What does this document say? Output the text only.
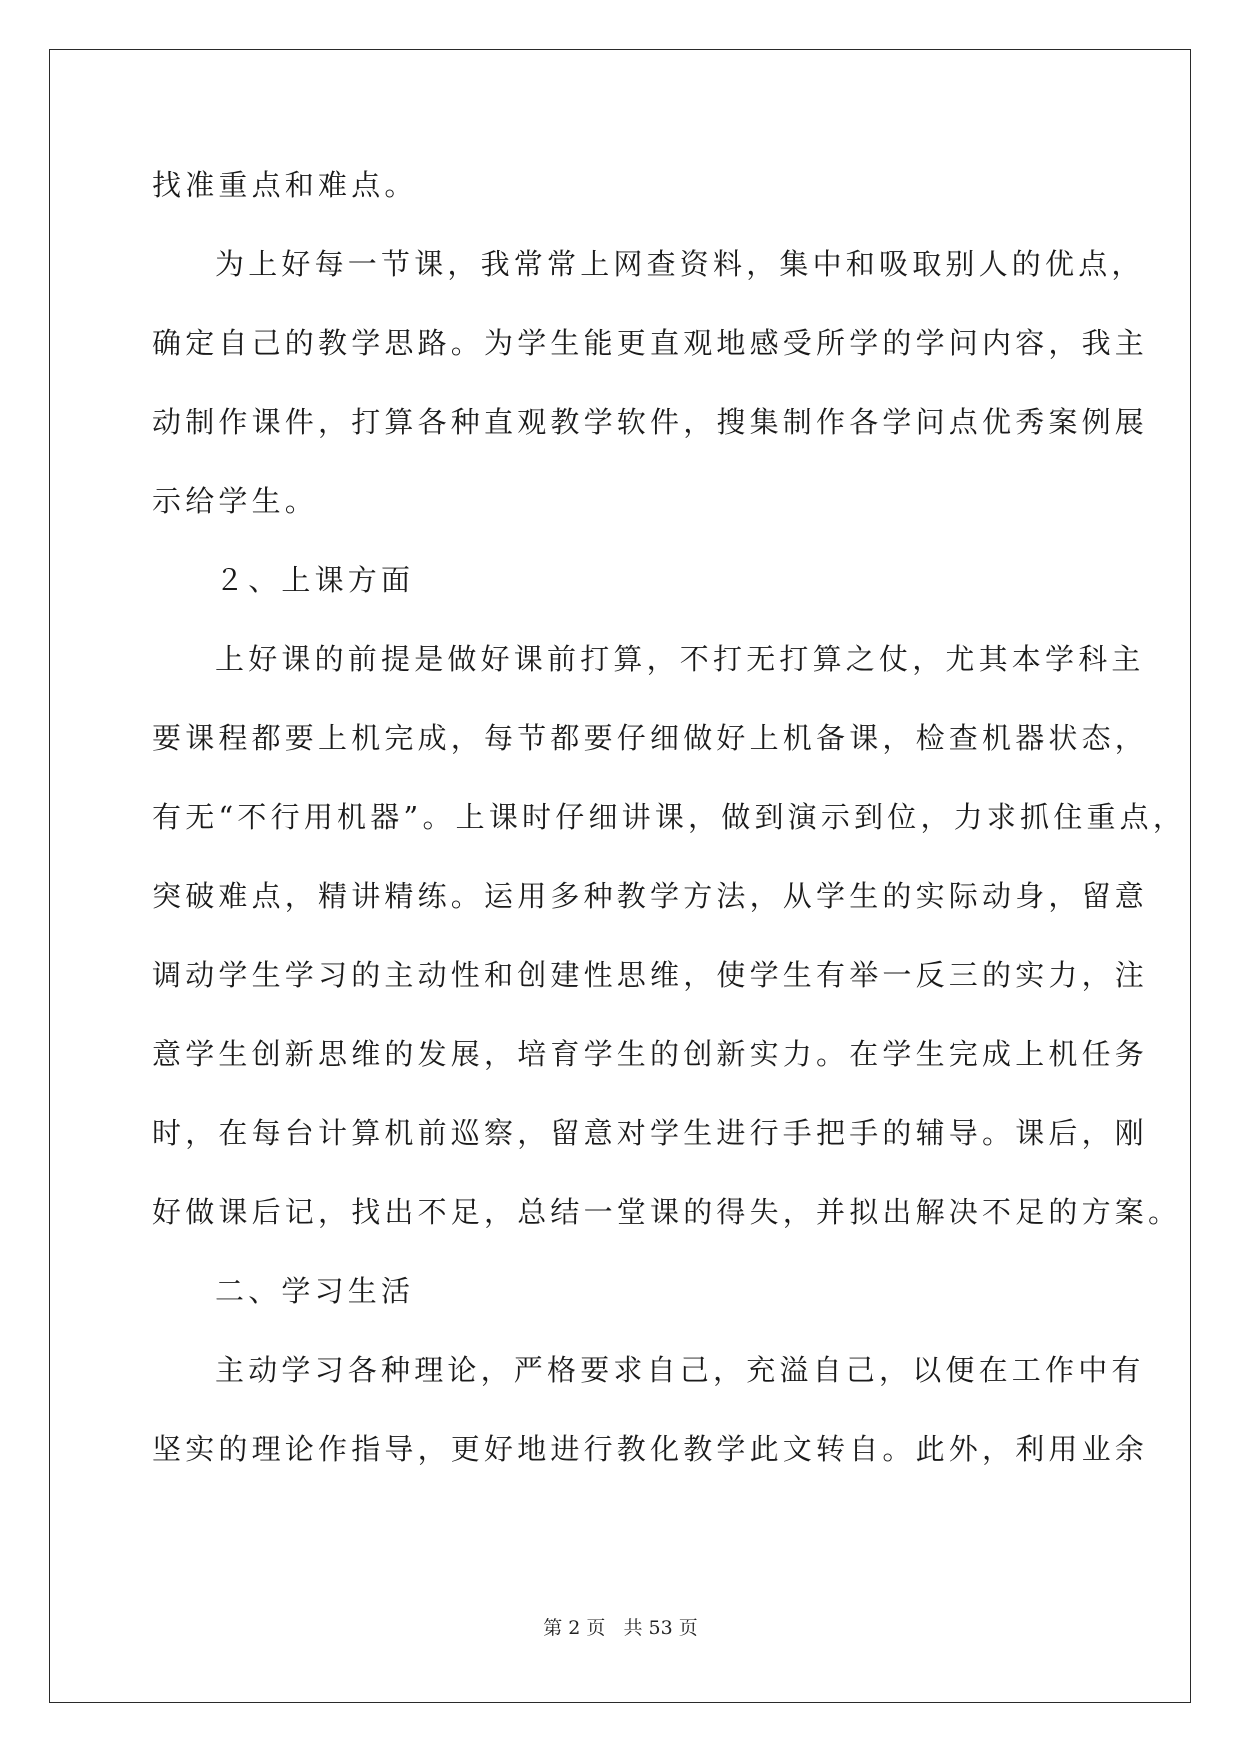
找准重点和难点。
为上好每一节课，我常常上网查资料，集中和吸取别人的优点，
确定自己的教学思路。为学生能更直观地感受所学的学问内容，我主
动制作课件，打算各种直观教学软件，搜集制作各学问点优秀案例展
示给学生。
２、上课方面
上好课的前提是做好课前打算，不打无打算之仗，尤其本学科主
要课程都要上机完成，每节都要仔细做好上机备课，检查机器状态，
有无“不行用机器”。上课时仔细讲课，做到演示到位，力求抓住重点，
突破难点，精讲精练。运用多种教学方法，从学生的实际动身，留意
调动学生学习的主动性和创建性思维，使学生有举一反三的实力，注
意学生创新思维的发展，培育学生的创新实力。在学生完成上机任务
时，在每台计算机前巡察，留意对学生进行手把手的辅导。课后，刚
好做课后记，找出不足，总结一堂课的得失，并拟出解决不足的方案。
二、学习生活
主动学习各种理论，严格要求自己，充溢自己，以便在工作中有
坚实的理论作指导，更好地进行教化教学此文转自。此外，利用业余
第 2 页   共 53 页
